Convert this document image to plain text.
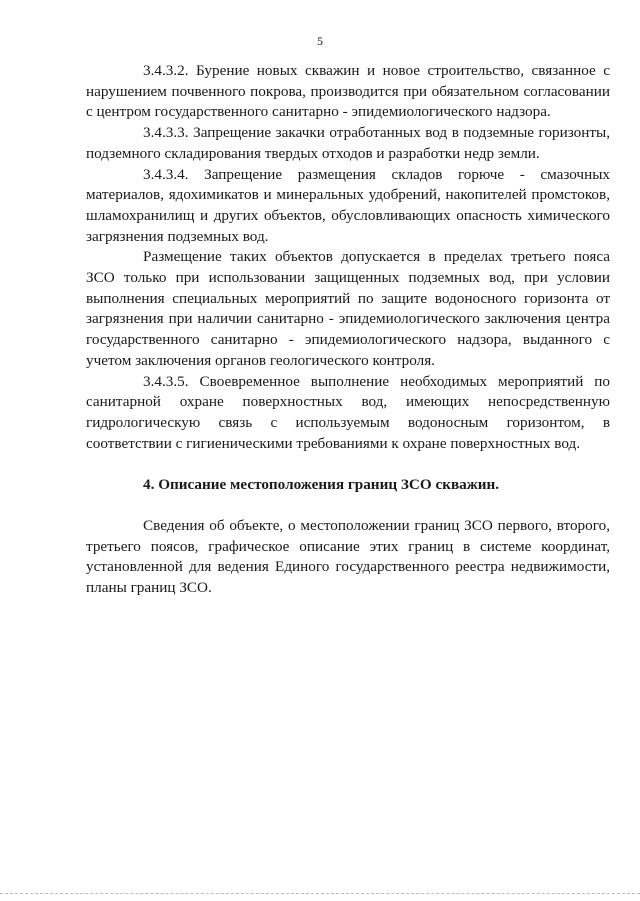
5

3.4.3.2. Бурение новых скважин и новое строительство, связанное с нарушением почвенного покрова, производится при обязательном согласовании с центром государственного санитарно - эпидемиологического надзора.

3.4.3.3. Запрещение закачки отработанных вод в подземные горизонты, подземного складирования твердых отходов и разработки недр земли.

3.4.3.4. Запрещение размещения складов горюче - смазочных материалов, ядохимикатов и минеральных удобрений, накопителей промстоков, шламохранилищ и других объектов, обусловливающих опасность химического загрязнения подземных вод.

Размещение таких объектов допускается в пределах третьего пояса ЗСО только при использовании защищенных подземных вод, при условии выполнения специальных мероприятий по защите водоносного горизонта от загрязнения при наличии санитарно - эпидемиологического заключения центра государственного санитарно - эпидемиологического надзора, выданного с учетом заключения органов геологического контроля.

3.4.3.5. Своевременное выполнение необходимых мероприятий по санитарной охране поверхностных вод, имеющих непосредственную гидрологическую связь с используемым водоносным горизонтом, в соответствии с гигиеническими требованиями к охране поверхностных вод.

4. Описание местоположения границ ЗСО скважин.

Сведения об объекте, о местоположении границ ЗСО первого, второго, третьего поясов, графическое описание этих границ в системе координат, установленной для ведения Единого государственного реестра недвижимости, планы границ ЗСО.
